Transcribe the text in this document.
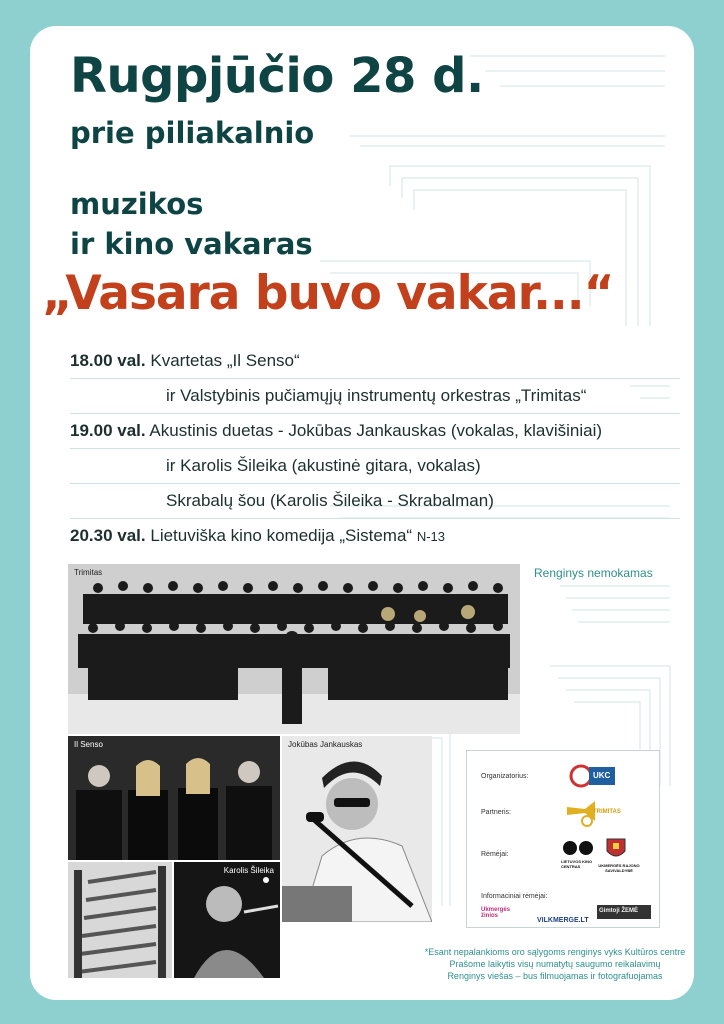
Rugpjūčio 28 d.
prie piliakalnio
muzikos
ir kino vakaras
„Vasara buvo vakar...“
18.00 val. Kvartetas „Il Senso“
ir Valstybinis pučiamųjų instrumentų orkestras „Trimitas“
19.00 val. Akustinis duetas - Jokūbas Jankauskas (vokalas, klavišiniai)
ir Karolis Šileika (akustinė gitara, vokalas)
Skrabalų šou (Karolis Šileika - Skrabalman)
20.30 val. Lietuviška kino komedija „Sistema“ N-13
Renginys nemokamas
Trimitas
Il Senso	Jokūbas Jankauskas
Karolis Šileika
Organizatorius:	UKC
Partneris:	TRIMITAS
Rėmėjai:
LIETUVOS KINO CENTRAS	UKMERGĖS RAJONO SAVIVALDYBĖ
Informaciniai rėmėjai:
Ukmergės žinios
VILKMERGE.LT
Gimtoji ŽEMĖ
*Esant nepalankioms oro sąlygoms renginys vyks Kultūros centre
Prašome laikytis visų numatytų saugumo reikalavimų
Renginys viešas – bus filmuojamas ir fotografuojamas
